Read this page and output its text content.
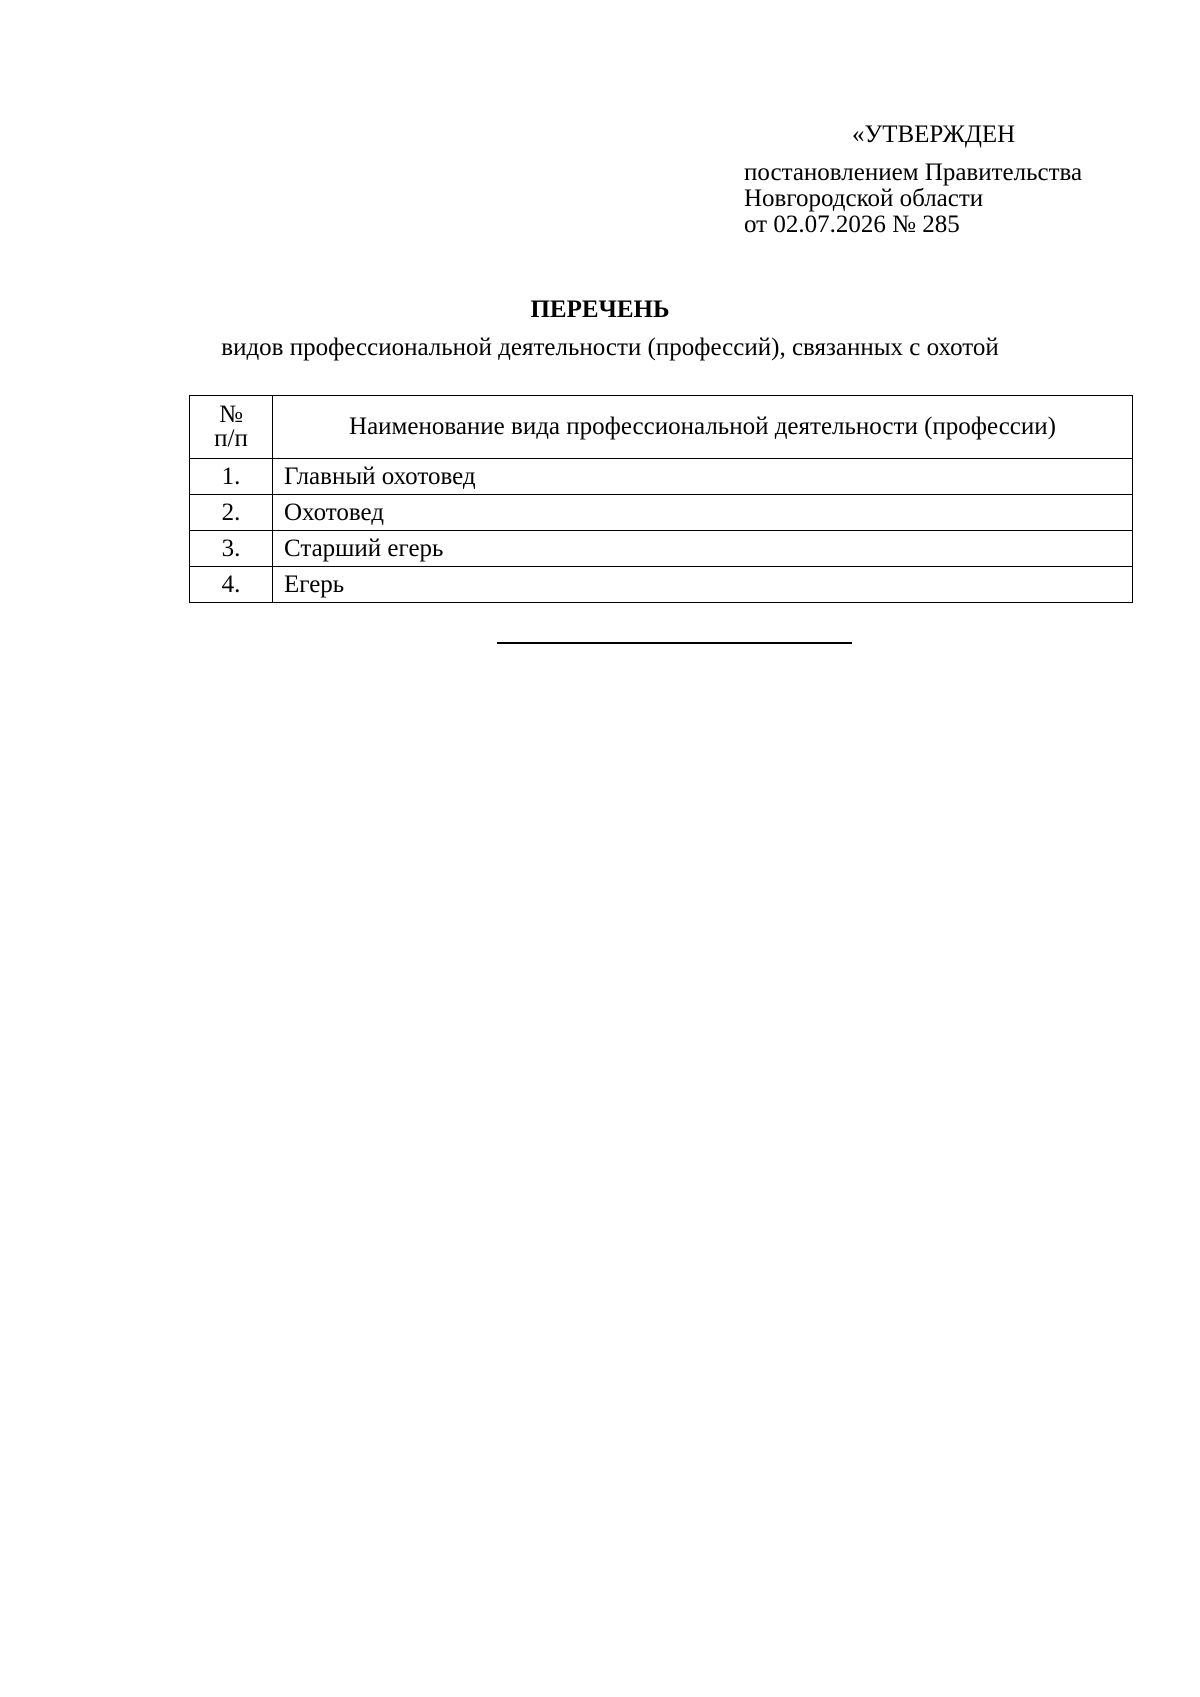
«УТВЕРЖДЕН
постановлением Правительства
Новгородской области
от 02.07.2026 № 285
ПЕРЕЧЕНЬ
видов профессиональной деятельности (профессий), связанных с охотой
№
п/п	Наименование вида профессиональной деятельности (профессии)
1.	Главный охотовед
2.	Охотовед
3.	Старший егерь
4.	Егерь
